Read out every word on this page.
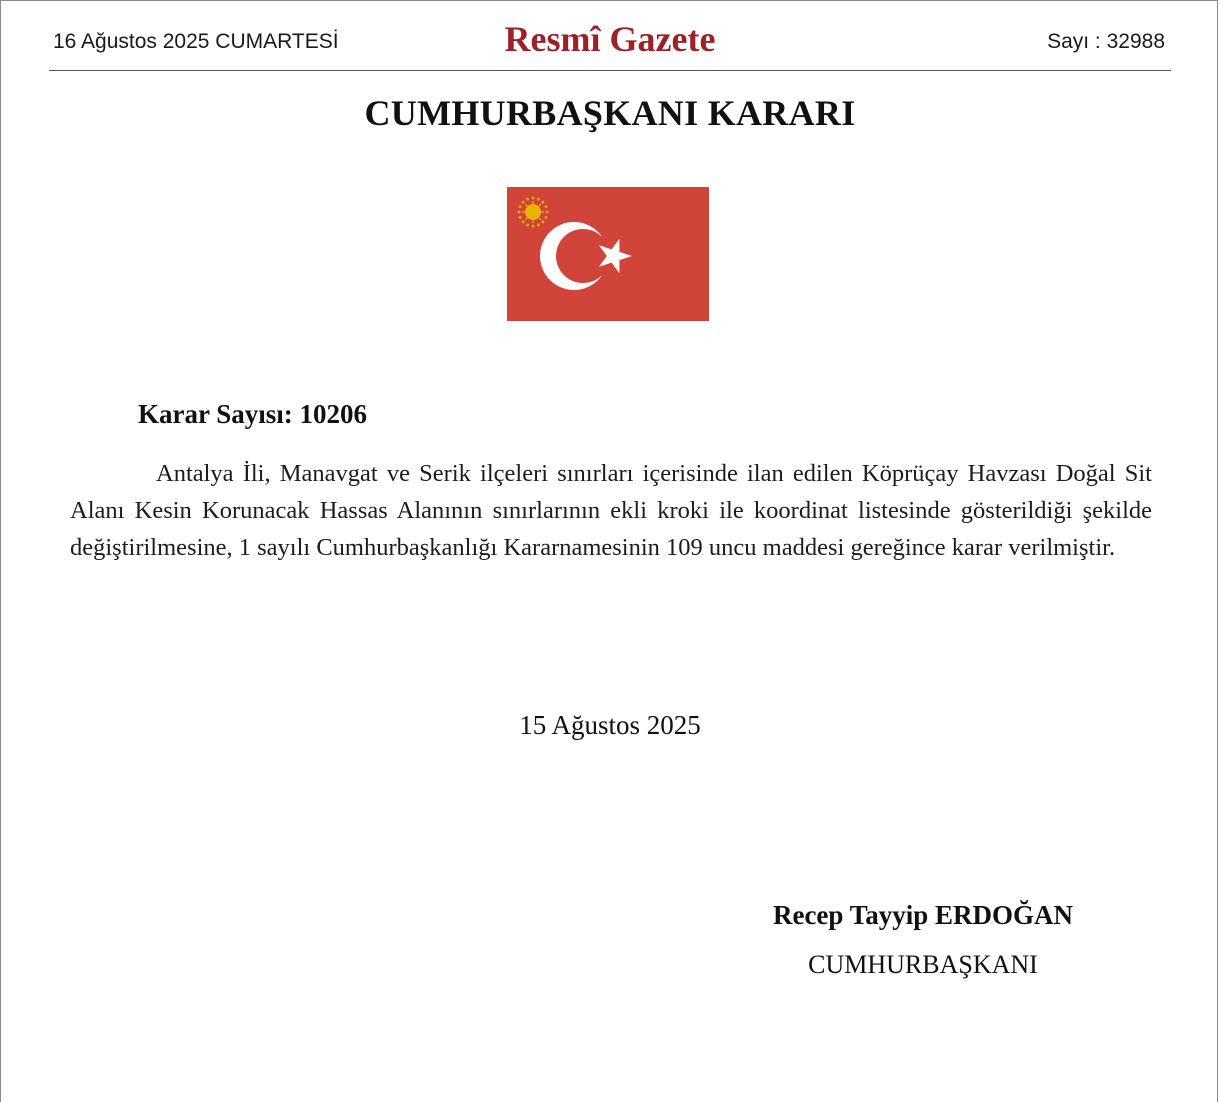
16 Ağustos 2025 CUMARTESİ	Resmî Gazete	Sayı : 32988
CUMHURBAŞKANI KARARI
Karar Sayısı: 10206
Antalya İli, Manavgat ve Serik ilçeleri sınırları içerisinde ilan edilen Köprüçay Havzası Doğal Sit Alanı Kesin Korunacak Hassas Alanının sınırlarının ekli kroki ile koordinat listesinde gösterildiği şekilde değiştirilmesine, 1 sayılı Cumhurbaşkanlığı Kararnamesinin 109 uncu maddesi gereğince karar verilmiştir.
15 Ağustos 2025
Recep Tayyip ERDOĞAN
CUMHURBAŞKANI
